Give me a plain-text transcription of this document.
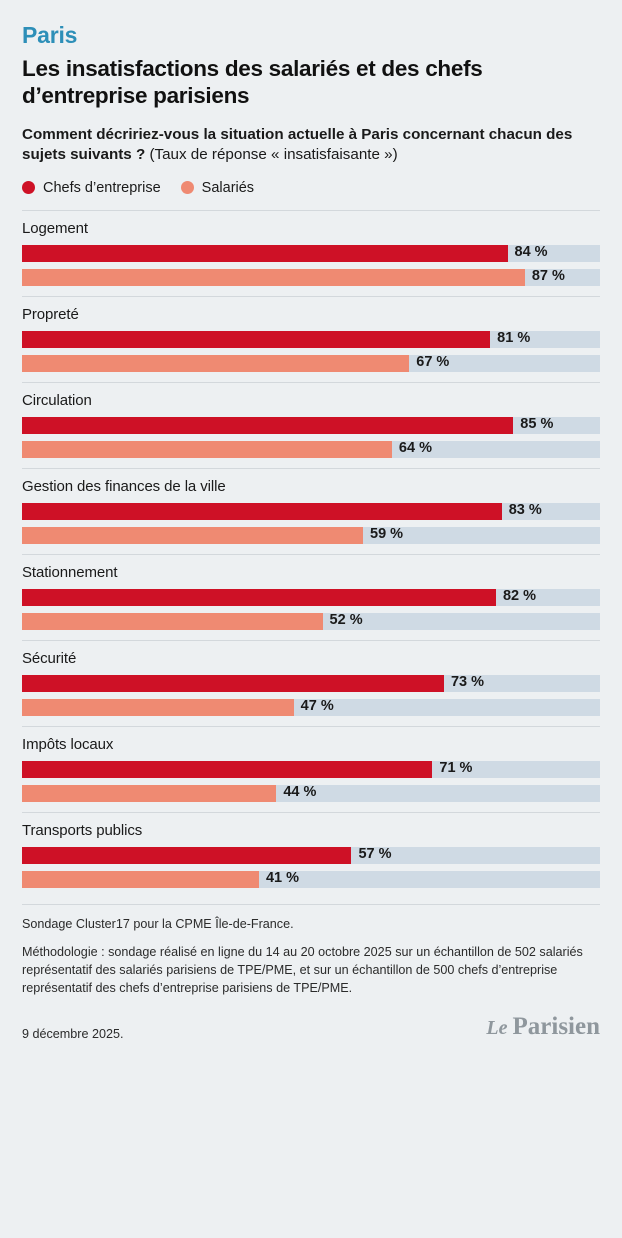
Paris
Les insatisfactions des salariés et des chefs d’entreprise parisiens
Comment décririez-vous la situation actuelle à Paris concernant chacun des sujets suivants ? (Taux de réponse « insatisfaisante »)
Chefs d’entreprise	Salariés
Logement
84 %
87 %
Propreté
81 %
67 %
Circulation
85 %
64 %
Gestion des finances de la ville
83 %
59 %
Stationnement
82 %
52 %
Sécurité
73 %
47 %
Impôts locaux
71 %
44 %
Transports publics
57 %
41 %
Sondage Cluster17 pour la CPME Île-de-France.
Méthodologie : sondage réalisé en ligne du 14 au 20 octobre 2025 sur un échantillon de 502 salariés représentatif des salariés parisiens de TPE/PME, et sur un échantillon de 500 chefs d’entreprise représentatif des chefs d’entreprise parisiens de TPE/PME.
9 décembre 2025.	Le Parisien
